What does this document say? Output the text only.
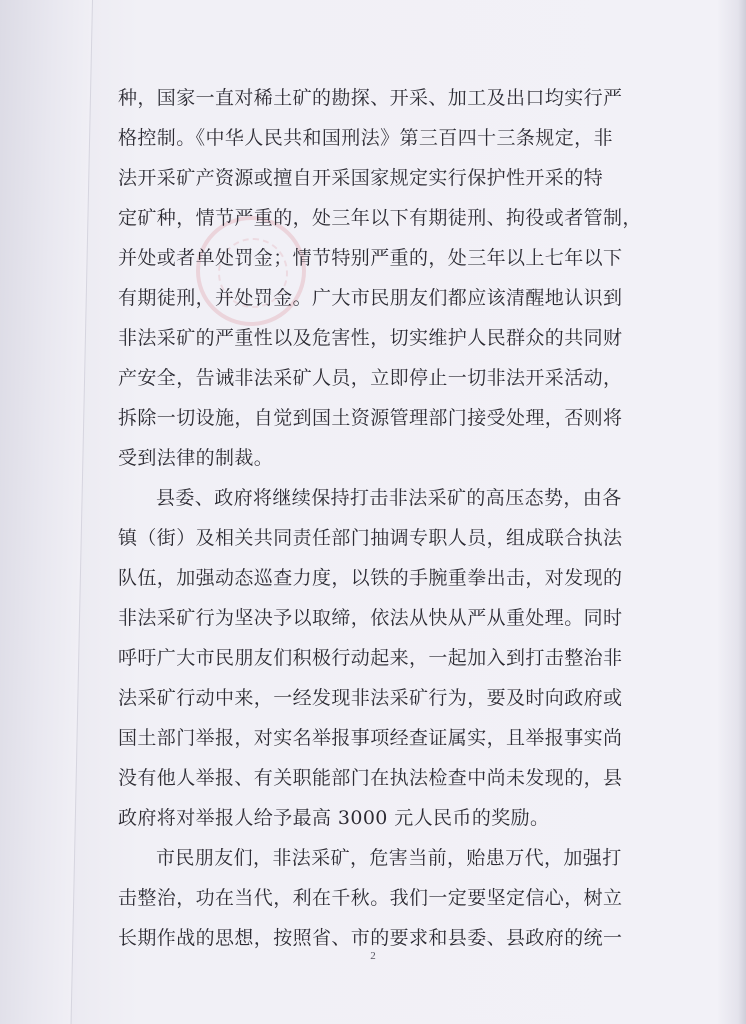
种，国家一直对稀土矿的勘探、开采、加工及出口均实行严
格控制。《中华人民共和国刑法》第三百四十三条规定，非
法开采矿产资源或擅自开采国家规定实行保护性开采的特
定矿种，情节严重的，处三年以下有期徒刑、拘役或者管制，
并处或者单处罚金；情节特别严重的，处三年以上七年以下
有期徒刑，并处罚金。广大市民朋友们都应该清醒地认识到
非法采矿的严重性以及危害性，切实维护人民群众的共同财
产安全，告诫非法采矿人员，立即停止一切非法开采活动，
拆除一切设施，自觉到国土资源管理部门接受处理，否则将
受到法律的制裁。
县委、政府将继续保持打击非法采矿的高压态势，由各
镇（街）及相关共同责任部门抽调专职人员，组成联合执法
队伍，加强动态巡查力度，以铁的手腕重拳出击，对发现的
非法采矿行为坚决予以取缔，依法从快从严从重处理。同时
呼吁广大市民朋友们积极行动起来，一起加入到打击整治非
法采矿行动中来，一经发现非法采矿行为，要及时向政府或
国土部门举报，对实名举报事项经查证属实，且举报事实尚
没有他人举报、有关职能部门在执法检查中尚未发现的，县
政府将对举报人给予最高 3000 元人民币的奖励。
市民朋友们，非法采矿，危害当前，贻患万代，加强打
击整治，功在当代，利在千秋。我们一定要坚定信心，树立
长期作战的思想，按照省、市的要求和县委、县政府的统一
2
